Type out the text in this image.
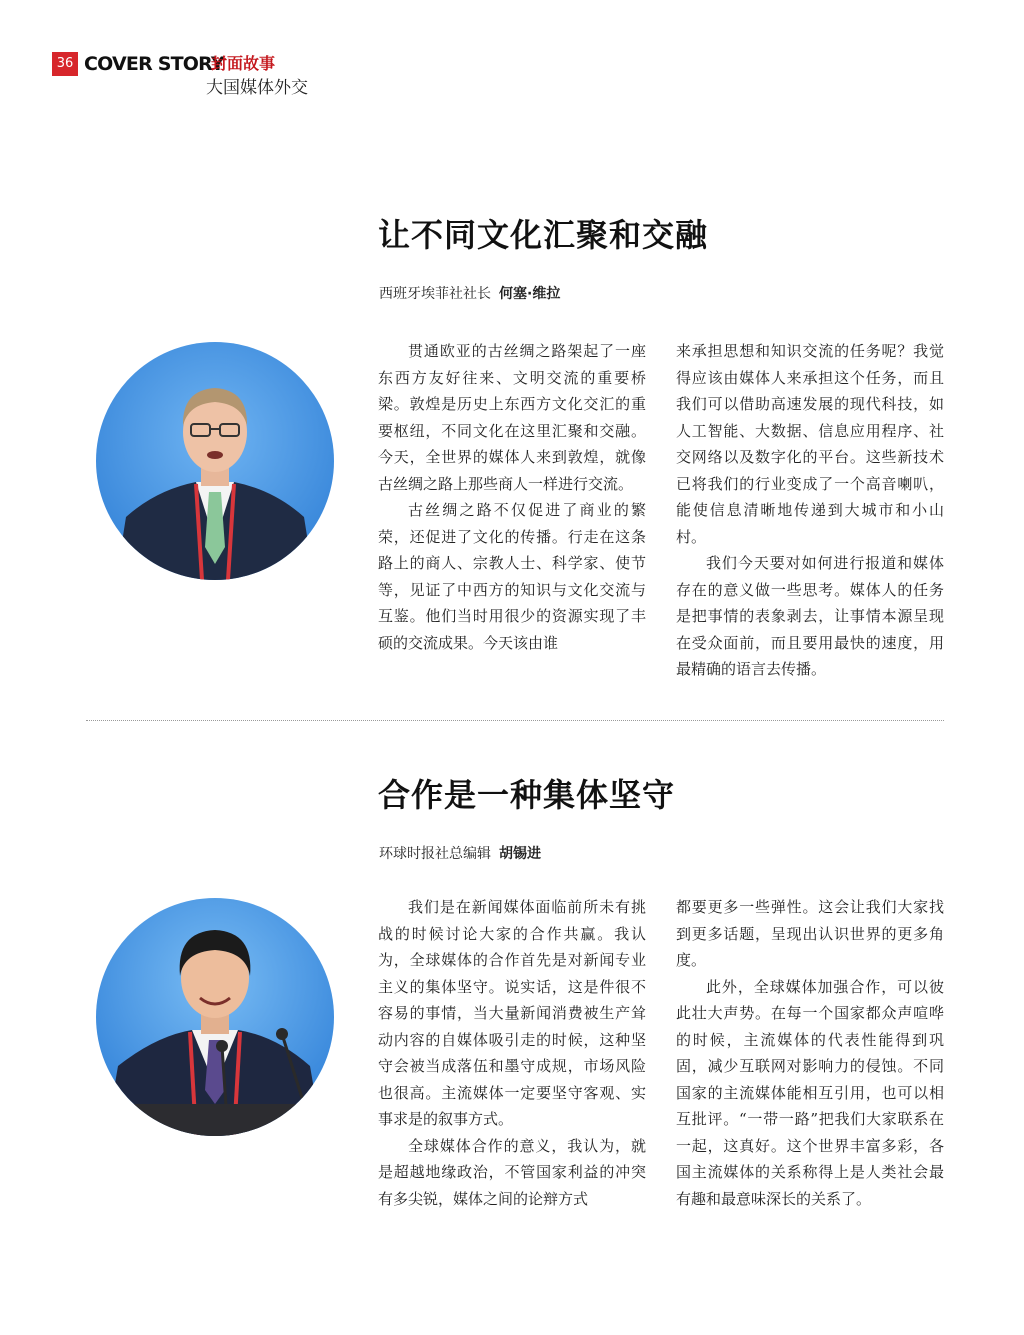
36 COVER STORY
封面故事
大国媒体外交
让不同文化汇聚和交融
西班牙埃菲社社长 何塞·维拉

贯通欧亚的古丝绸之路架起了一座东西方友好往来、文明交流的重要桥梁。敦煌是历史上东西方文化交汇的重要枢纽，不同文化在这里汇聚和交融。今天，全世界的媒体人来到敦煌，就像古丝绸之路上那些商人一样进行交流。

古丝绸之路不仅促进了商业的繁荣，还促进了文化的传播。行走在这条路上的商人、宗教人士、科学家、使节等，见证了中西方的知识与文化交流与互鉴。他们当时用很少的资源实现了丰硕的交流成果。今天该由谁

来承担思想和知识交流的任务呢？我觉得应该由媒体人来承担这个任务，而且我们可以借助高速发展的现代科技，如人工智能、大数据、信息应用程序、社交网络以及数字化的平台。这些新技术已将我们的行业变成了一个高音喇叭，能使信息清晰地传递到大城市和小山村。

我们今天要对如何进行报道和媒体存在的意义做一些思考。媒体人的任务是把事情的表象剥去，让事情本源呈现在受众面前，而且要用最快的速度，用最精确的语言去传播。

合作是一种集体坚守
环球时报社总编辑 胡锡进

我们是在新闻媒体面临前所未有挑战的时候讨论大家的合作共赢。我认为，全球媒体的合作首先是对新闻专业主义的集体坚守。说实话，这是件很不容易的事情，当大量新闻消费被生产耸动内容的自媒体吸引走的时候，这种坚守会被当成落伍和墨守成规，市场风险也很高。主流媒体一定要坚守客观、实事求是的叙事方式。

全球媒体合作的意义，我认为，就是超越地缘政治，不管国家利益的冲突有多尖锐，媒体之间的论辩方式

都要更多一些弹性。这会让我们大家找到更多话题，呈现出认识世界的更多角度。

此外，全球媒体加强合作，可以彼此壮大声势。在每一个国家都众声喧哗的时候，主流媒体的代表性能得到巩固，减少互联网对影响力的侵蚀。不同国家的主流媒体能相互引用，也可以相互批评。“一带一路”把我们大家联系在一起，这真好。这个世界丰富多彩，各国主流媒体的关系称得上是人类社会最有趣和最意味深长的关系了。
